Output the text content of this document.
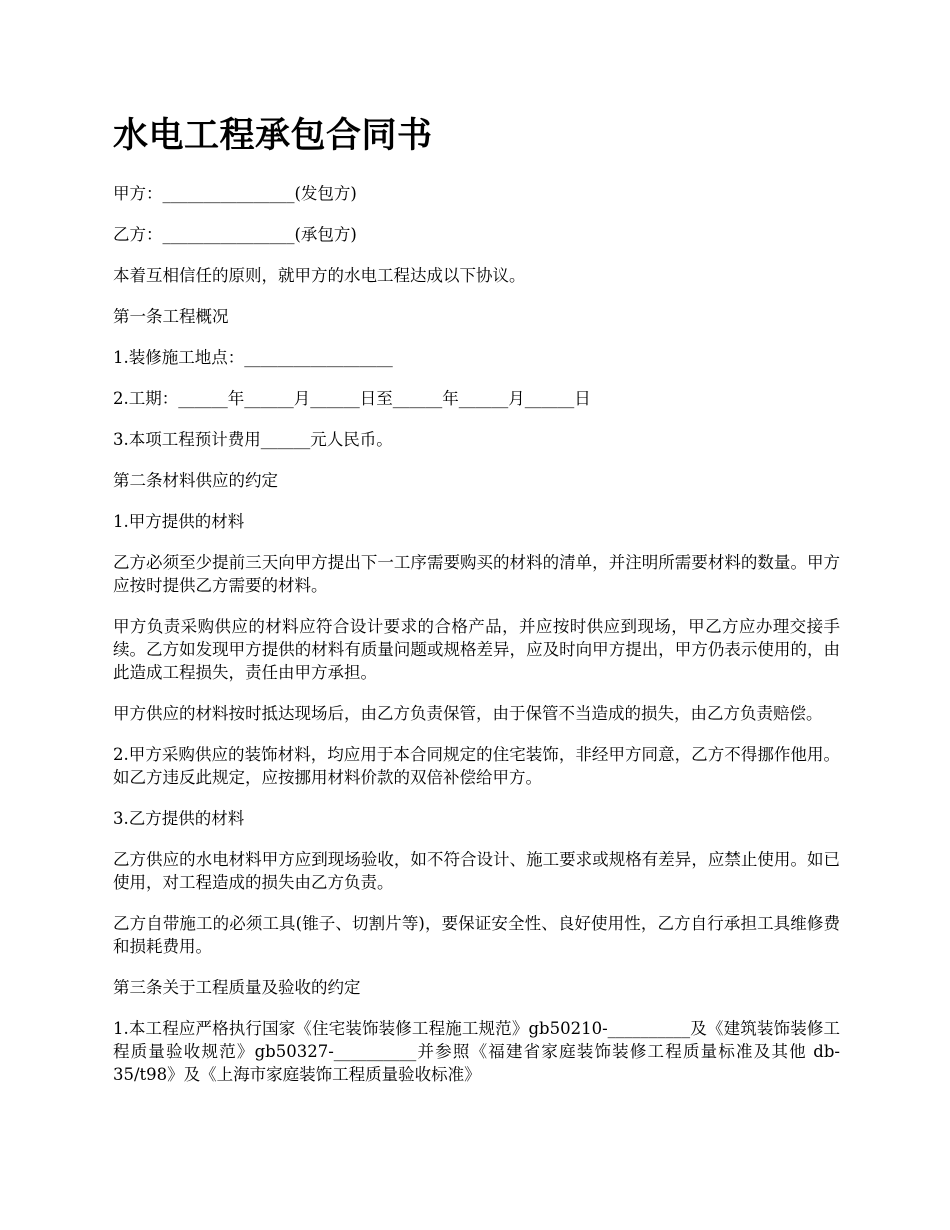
水电工程承包合同书

甲方：________________(发包方)

乙方：________________(承包方)

本着互相信任的原则，就甲方的水电工程达成以下协议。

第一条工程概况

1.装修施工地点：__________________

2.工期：______年______月______日至______年______月______日

3.本项工程预计费用______元人民币。

第二条材料供应的约定

1.甲方提供的材料

乙方必须至少提前三天向甲方提出下一工序需要购买的材料的清单，并注明所需要材料的数量。甲方应按时提供乙方需要的材料。

甲方负责采购供应的材料应符合设计要求的合格产品，并应按时供应到现场，甲乙方应办理交接手续。乙方如发现甲方提供的材料有质量问题或规格差异，应及时向甲方提出，甲方仍表示使用的，由此造成工程损失，责任由甲方承担。

甲方供应的材料按时抵达现场后，由乙方负责保管，由于保管不当造成的损失，由乙方负责赔偿。

2.甲方采购供应的装饰材料，均应用于本合同规定的住宅装饰，非经甲方同意，乙方不得挪作他用。如乙方违反此规定，应按挪用材料价款的双倍补偿给甲方。

3.乙方提供的材料

乙方供应的水电材料甲方应到现场验收，如不符合设计、施工要求或规格有差异，应禁止使用。如已使用，对工程造成的损失由乙方负责。

乙方自带施工的必须工具(锥子、切割片等)，要保证安全性、良好使用性，乙方自行承担工具维修费和损耗费用。

第三条关于工程质量及验收的约定

1.本工程应严格执行国家《住宅装饰装修工程施工规范》gb50210-__________及《建筑装饰装修工程质量验收规范》gb50327-__________并参照《福建省家庭装饰装修工程质量标准及其他 db-35/t98》及《上海市家庭装饰工程质量验收标准》
